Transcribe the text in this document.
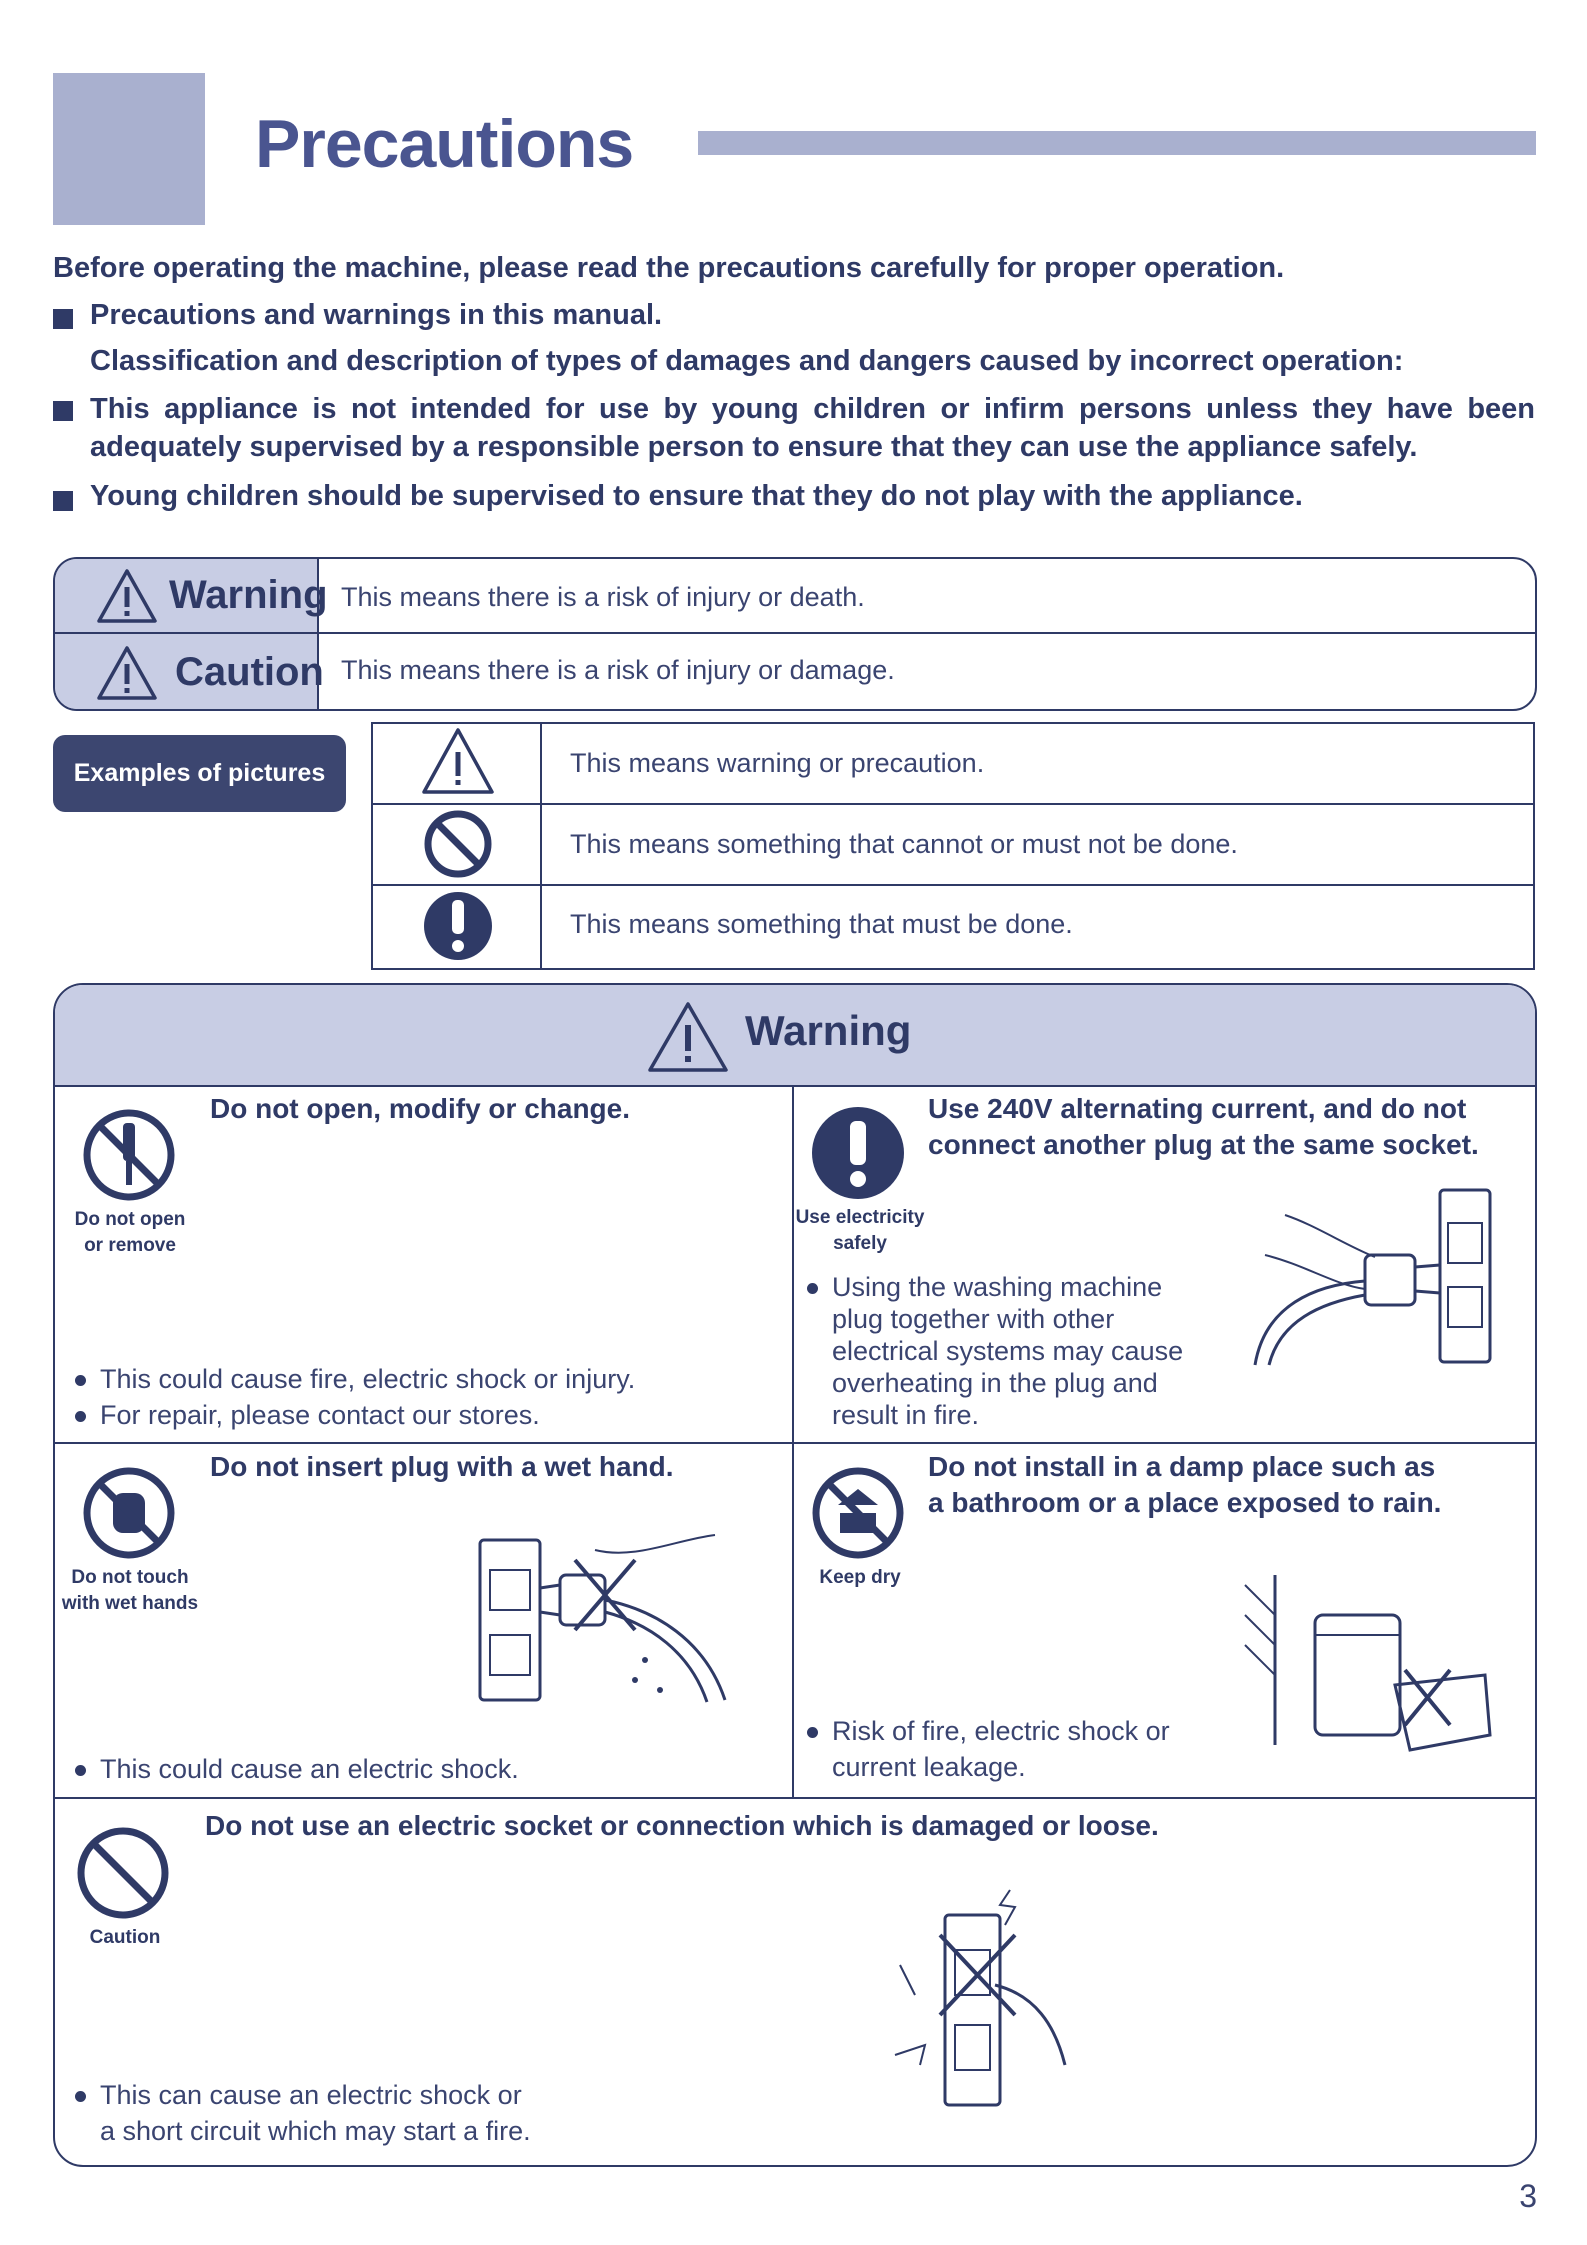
Precautions
Before operating the machine, please read the precautions carefully for proper operation.
Precautions and warnings in this manual.
Classification and description of types of damages and dangers caused by incorrect operation:
This appliance is not intended for use by young children or infirm persons unless they have been adequately supervised by a responsible person to ensure that they can use the appliance safely.
Young children should be supervised to ensure that they do not play with the appliance.
Warning This means there is a risk of injury or death.
Caution This means there is a risk of injury or damage.
Examples of pictures	This means warning or precaution.
This means something that cannot or must not be done.
This means something that must be done.
Warning
Do not open
or remove
Do not open, modify or change.
This could cause fire, electric shock or injury.
For repair, please contact our stores.
Use electricity
safely
Use 240V alternating current, and do not
connect another plug at the same socket.
Using the washing machine
plug together with other
electrical systems may cause
overheating in the plug and
result in fire.
Do not touch
with wet hands
Do not insert plug with a wet hand.
This could cause an electric shock.
Keep dry
Do not install in a damp place such as
a bathroom or a place exposed to rain.
Risk of fire, electric shock or
current leakage.
Caution
Do not use an electric socket or connection which is damaged or loose.
This can cause an electric shock or
a short circuit which may start a fire.
3
